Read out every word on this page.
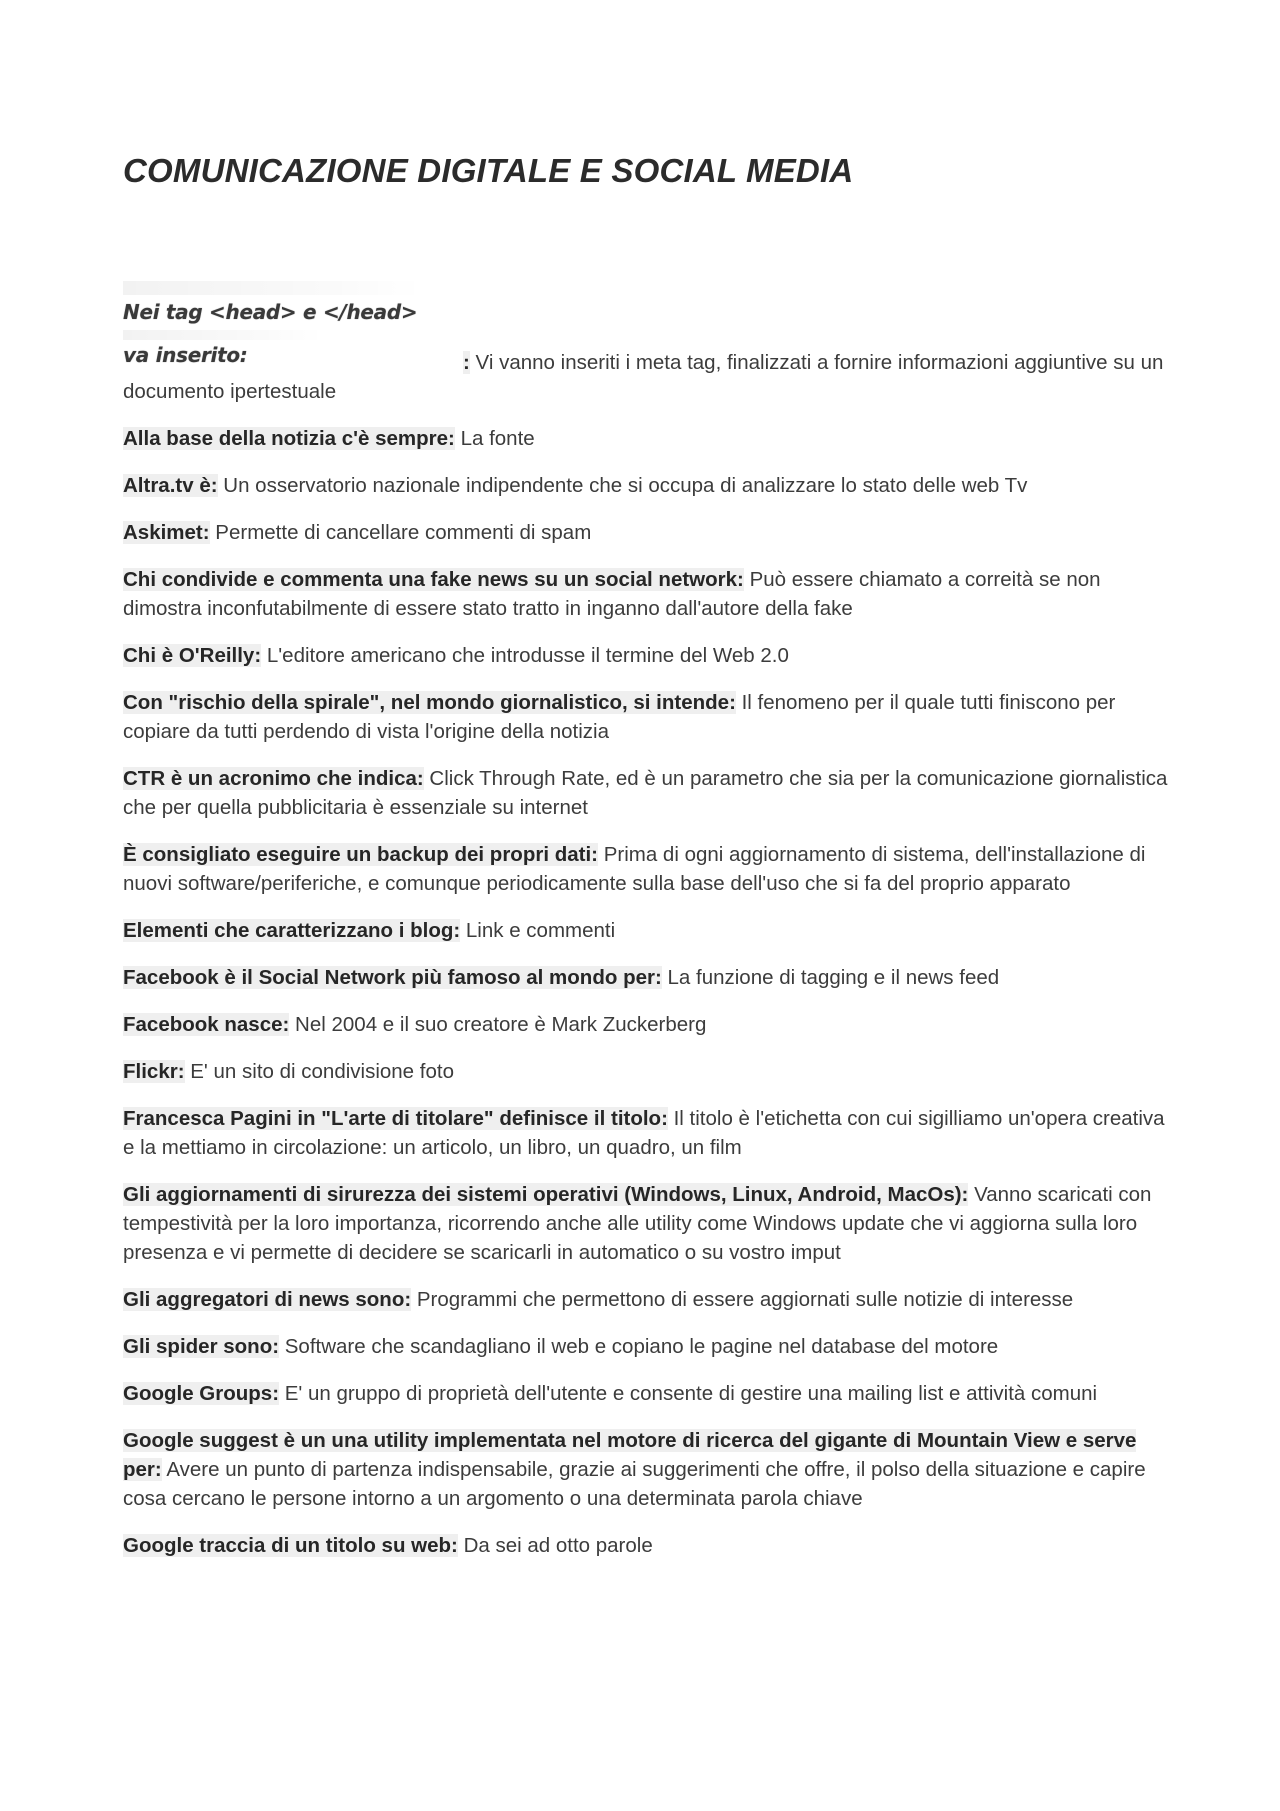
COMUNICAZIONE DIGITALE E SOCIAL MEDIA
Nei tag <head> e </head>
va inserito:	: Vi vanno inseriti i meta tag, finalizzati a fornire informazioni aggiuntive su un documento ipertestuale

Alla base della notizia c'è sempre: La fonte

Altra.tv è: Un osservatorio nazionale indipendente che si occupa di analizzare lo stato delle web Tv

Askimet: Permette di cancellare commenti di spam

Chi condivide e commenta una fake news su un social network: Può essere chiamato a correità se non dimostra inconfutabilmente di essere stato tratto in inganno dall'autore della fake

Chi è O'Reilly: L'editore americano che introdusse il termine del Web 2.0

Con "rischio della spirale", nel mondo giornalistico, si intende: Il fenomeno per il quale tutti finiscono per copiare da tutti perdendo di vista l'origine della notizia

CTR è un acronimo che indica: Click Through Rate, ed è un parametro che sia per la comunicazione giornalistica che per quella pubblicitaria è essenziale su internet

È consigliato eseguire un backup dei propri dati: Prima di ogni aggiornamento di sistema, dell'installazione di nuovi software/periferiche, e comunque periodicamente sulla base dell'uso che si fa del proprio apparato

Elementi che caratterizzano i blog: Link e commenti

Facebook è il Social Network più famoso al mondo per: La funzione di tagging e il news feed

Facebook nasce: Nel 2004 e il suo creatore è Mark Zuckerberg

Flickr: E' un sito di condivisione foto

Francesca Pagini in "L'arte di titolare" definisce il titolo: Il titolo è l'etichetta con cui sigilliamo un'opera creativa e la mettiamo in circolazione: un articolo, un libro, un quadro, un film

Gli aggiornamenti di sirurezza dei sistemi operativi (Windows, Linux, Android, MacOs): Vanno scaricati con tempestività per la loro importanza, ricorrendo anche alle utility come Windows update che vi aggiorna sulla loro presenza e vi permette di decidere se scaricarli in automatico o su vostro imput

Gli aggregatori di news sono: Programmi che permettono di essere aggiornati sulle notizie di interesse

Gli spider sono: Software che scandagliano il web e copiano le pagine nel database del motore

Google Groups: E' un gruppo di proprietà dell'utente e consente di gestire una mailing list e attività comuni

Google suggest è un una utility implementata nel motore di ricerca del gigante di Mountain View e serve per: Avere un punto di partenza indispensabile, grazie ai suggerimenti che offre, il polso della situazione e capire cosa cercano le persone intorno a un argomento o una determinata parola chiave

Google traccia di un titolo su web: Da sei ad otto parole
